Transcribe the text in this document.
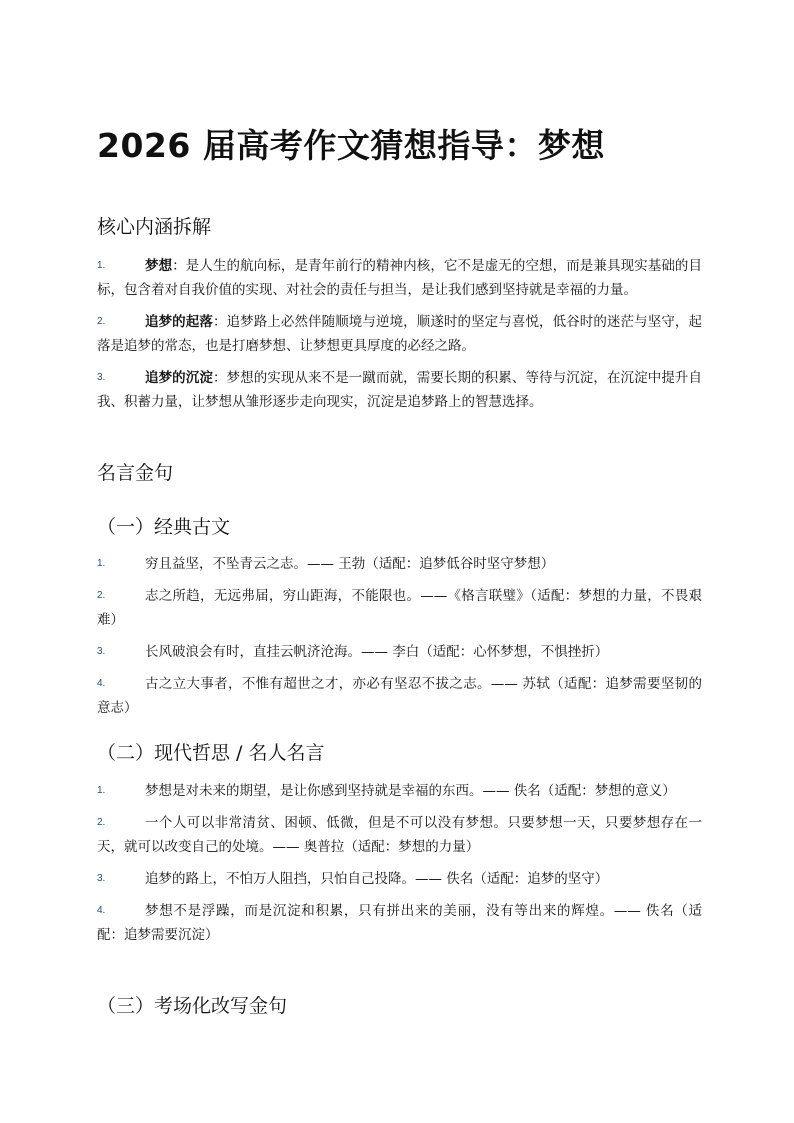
2026 届高考作文猜想指导：梦想
核心内涵拆解
1.	梦想：是人生的航向标，是青年前行的精神内核，它不是虚无的空想，而是兼具现实基础的目标，包含着对自我价值的实现、对社会的责任与担当，是让我们感到坚持就是幸福的力量。
2.	追梦的起落：追梦路上必然伴随顺境与逆境，顺遂时的坚定与喜悦，低谷时的迷茫与坚守，起落是追梦的常态，也是打磨梦想、让梦想更具厚度的必经之路。
3.	追梦的沉淀：梦想的实现从来不是一蹴而就，需要长期的积累、等待与沉淀，在沉淀中提升自我、积蓄力量，让梦想从雏形逐步走向现实，沉淀是追梦路上的智慧选择。
名言金句
（一）经典古文
1.	穷且益坚，不坠青云之志。—— 王勃（适配：追梦低谷时坚守梦想）
2.	志之所趋，无远弗届，穷山距海，不能限也。——《格言联璧》（适配：梦想的力量，不畏艰难）
3.	长风破浪会有时，直挂云帆济沧海。—— 李白（适配：心怀梦想，不惧挫折）
4.	古之立大事者，不惟有超世之才，亦必有坚忍不拔之志。—— 苏轼（适配：追梦需要坚韧的意志）
（二）现代哲思 / 名人名言
1.	梦想是对未来的期望，是让你感到坚持就是幸福的东西。—— 佚名（适配：梦想的意义）
2.	一个人可以非常清贫、困顿、低微，但是不可以没有梦想。只要梦想一天，只要梦想存在一天，就可以改变自己的处境。—— 奥普拉（适配：梦想的力量）
3.	追梦的路上，不怕万人阻挡，只怕自己投降。—— 佚名（适配：追梦的坚守）
4.	梦想不是浮躁，而是沉淀和积累，只有拼出来的美丽，没有等出来的辉煌。—— 佚名（适配：追梦需要沉淀）
（三）考场化改写金句
